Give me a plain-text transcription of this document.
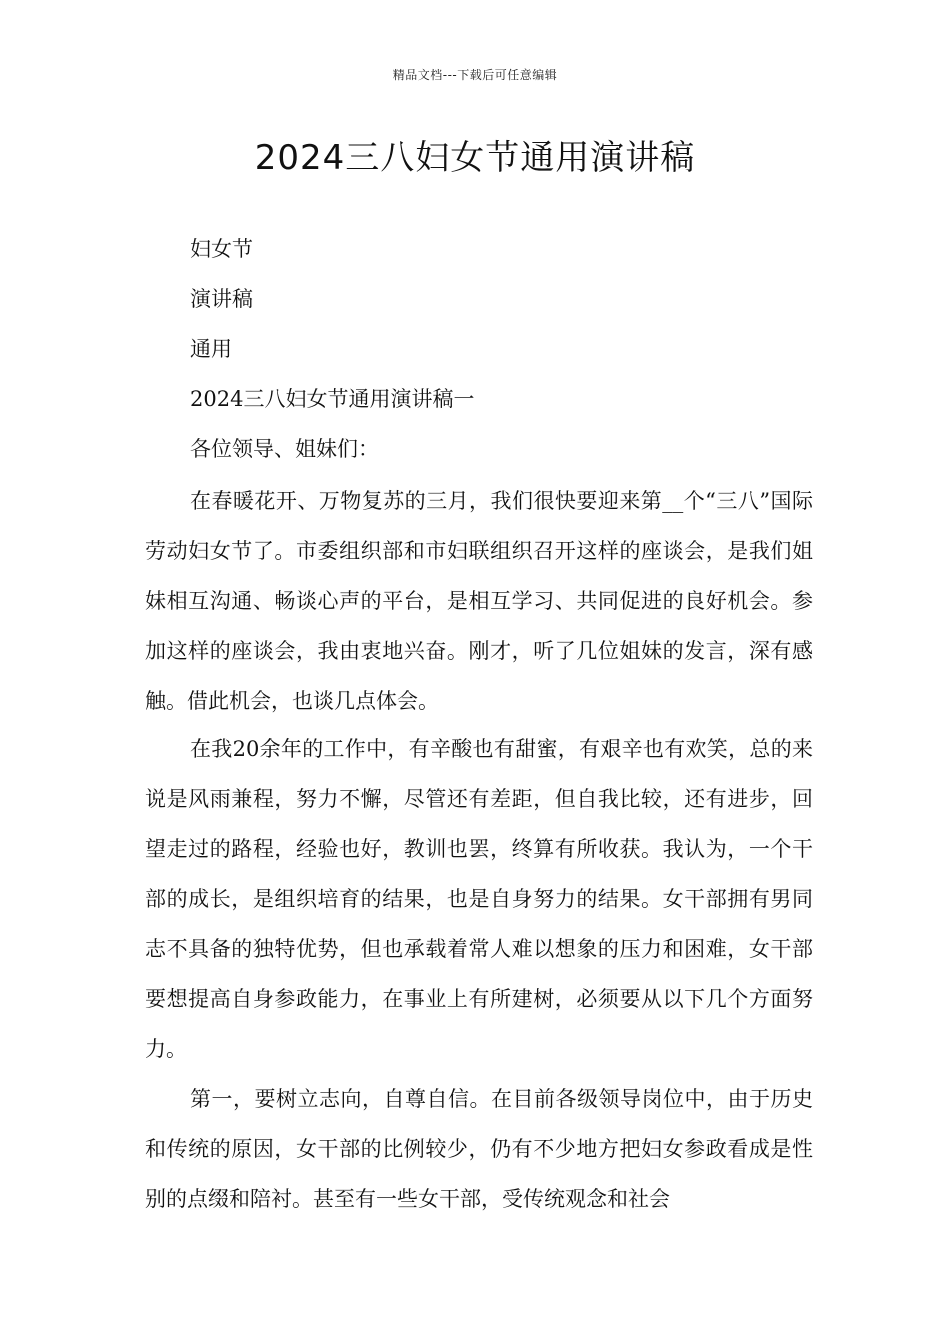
精品文档---下载后可任意编辑
2024三八妇女节通用演讲稿
妇女节
演讲稿
通用
2024三八妇女节通用演讲稿一
各位领导、姐妹们：
在春暖花开、万物复苏的三月，我们很快要迎来第__个“三八”国际劳动妇女节了。市委组织部和市妇联组织召开这样的座谈会，是我们姐妹相互沟通、畅谈心声的平台，是相互学习、共同促进的良好机会。参加这样的座谈会，我由衷地兴奋。刚才，听了几位姐妹的发言，深有感触。借此机会，也谈几点体会。
在我20余年的工作中，有辛酸也有甜蜜，有艰辛也有欢笑，总的来说是风雨兼程，努力不懈，尽管还有差距，但自我比较，还有进步，回望走过的路程，经验也好，教训也罢，终算有所收获。我认为，一个干部的成长，是组织培育的结果，也是自身努力的结果。女干部拥有男同志不具备的独特优势，但也承载着常人难以想象的压力和困难，女干部要想提高自身参政能力，在事业上有所建树，必须要从以下几个方面努力。
第一，要树立志向，自尊自信。在目前各级领导岗位中，由于历史和传统的原因，女干部的比例较少，仍有不少地方把妇女参政看成是性别的点缀和陪衬。甚至有一些女干部，受传统观念和社会
